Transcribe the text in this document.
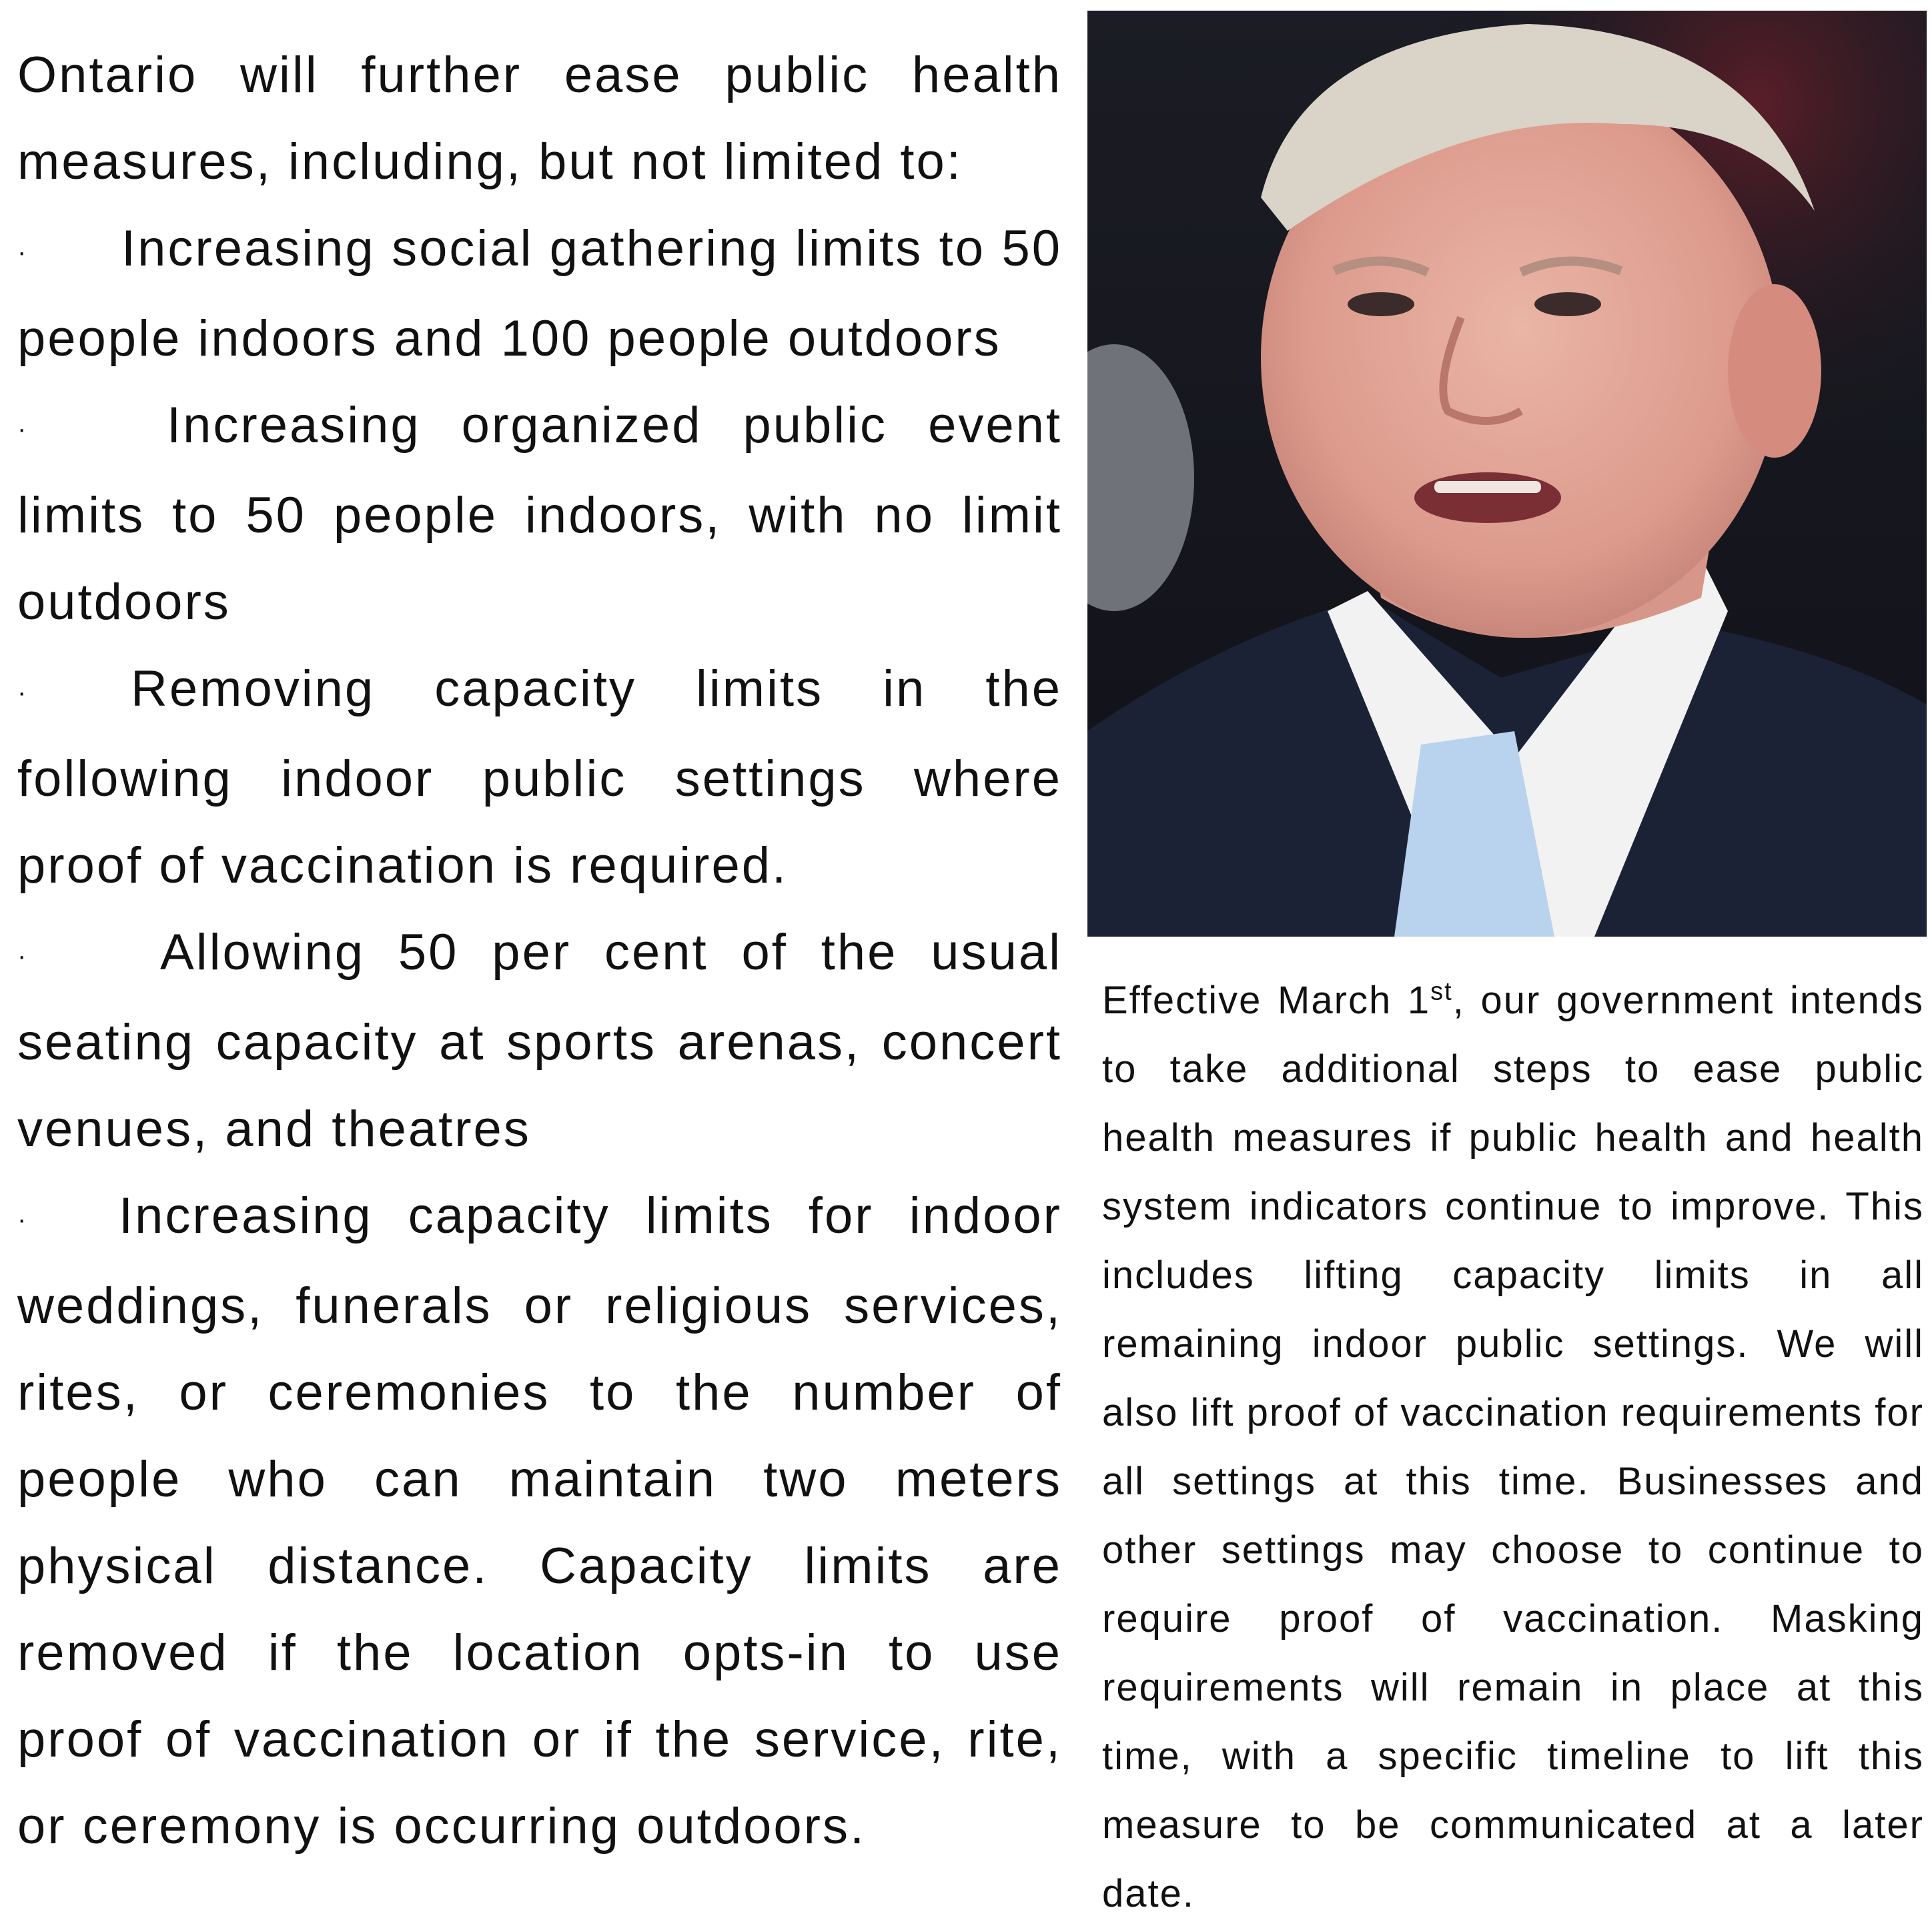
Ontario will further ease public health measures, including, but not limited to:

· Increasing social gathering limits to 50 people indoors and 100 people outdoors

·	Increasing organized public event limits to 50 people indoors, with no limit outdoors

· Removing capacity limits in the following indoor public settings where proof of vaccination is required.

·	Allowing 50 per cent of the usual seating capacity at sports arenas, concert venues, and theatres

· Increasing capacity limits for indoor weddings, funerals or religious services, rites, or ceremonies to the number of people who can maintain two meters physical distance. Capacity limits are removed if the location opts-in to use proof of vaccination or if the service, rite, or ceremony is occurring outdoors.

Effective March 1st, our government intends to take additional steps to ease public health measures if public health and health system indicators continue to improve. This includes lifting capacity limits in all remaining indoor public settings. We will also lift proof of vaccination requirements for all settings at this time. Businesses and other settings may choose to continue to require proof of vaccination. Masking requirements will remain in place at this time, with a specific timeline to lift this measure to be communicated at a later date.
